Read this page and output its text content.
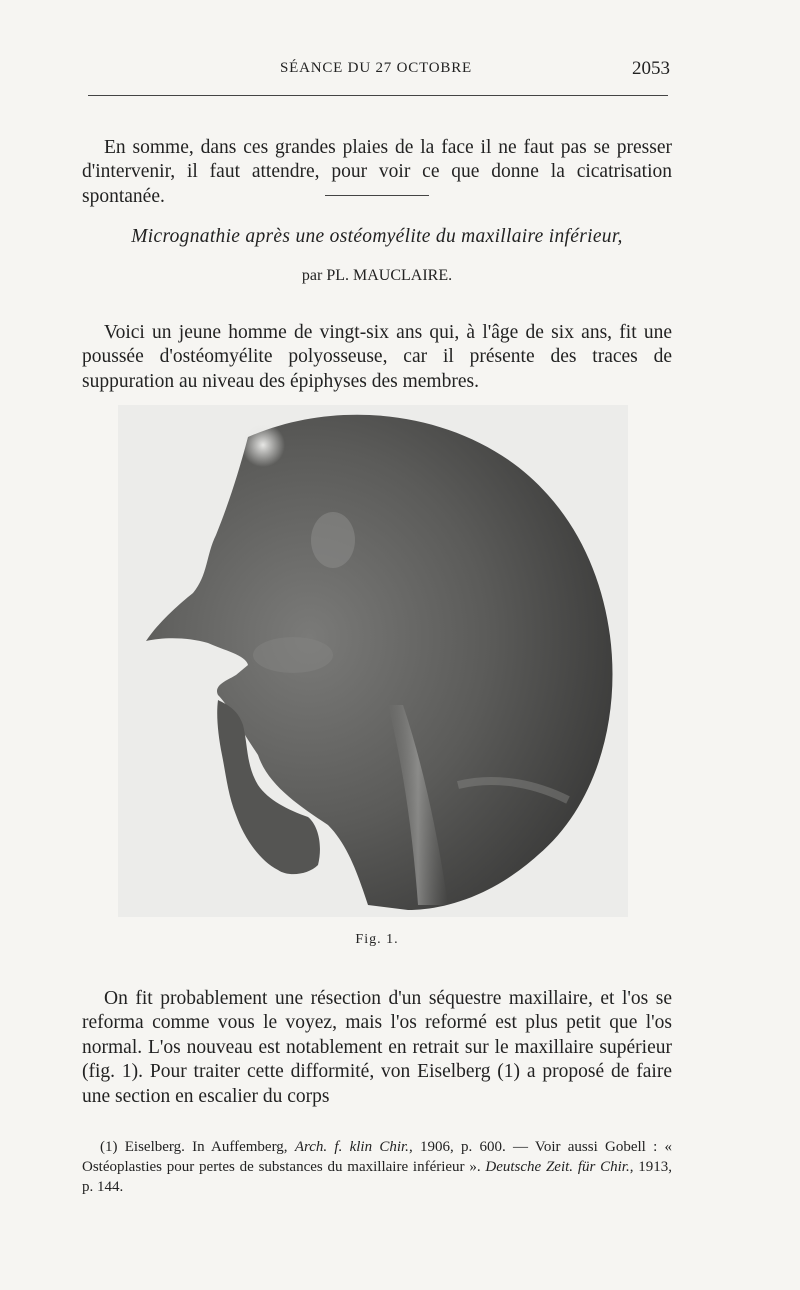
SÉANCE DU 27 OCTOBRE	2053

En somme, dans ces grandes plaies de la face il ne faut pas se presser d'intervenir, il faut attendre, pour voir ce que donne la cicatrisation spontanée.

Micrognathie après une ostéomyélite du maxillaire inférieur,
par PL. MAUCLAIRE.

Voici un jeune homme de vingt-six ans qui, à l'âge de six ans, fit une poussée d'ostéomyélite polyosseuse, car il présente des traces de suppuration au niveau des épiphyses des membres.

Fig. 1.

On fit probablement une résection d'un séquestre maxillaire, et l'os se reforma comme vous le voyez, mais l'os reformé est plus petit que l'os normal. L'os nouveau est notablement en retrait sur le maxillaire supérieur (fig. 1). Pour traiter cette difformité, von Eiselberg (1) a proposé de faire une section en escalier du corps

(1) Eiselberg. In Auffemberg, Arch. f. klin Chir., 1906, p. 600. — Voir aussi Gobell : « Ostéoplasties pour pertes de substances du maxillaire inférieur ». Deutsche Zeit. für Chir., 1913, p. 144.
